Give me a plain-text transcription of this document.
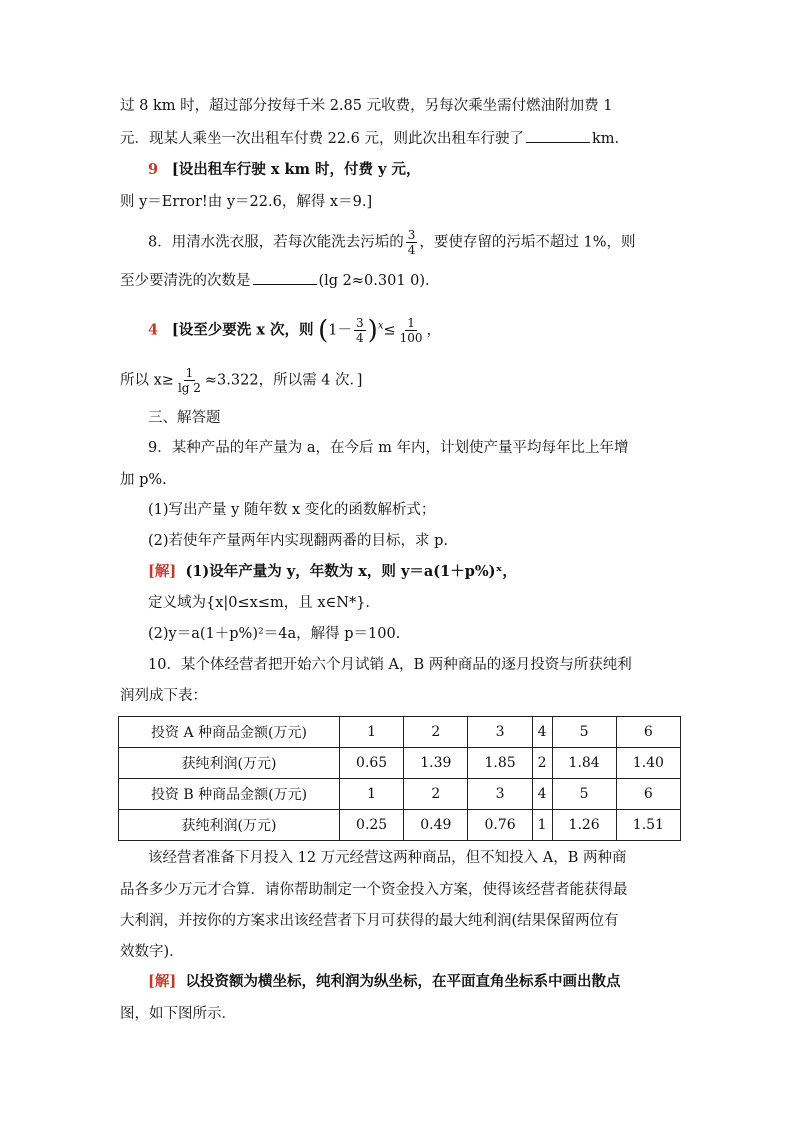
过 8 km 时，超过部分按每千米 2.85 元收费，另每次乘坐需付燃油附加费 1
元．现某人乘坐一次出租车付费 22.6 元，则此次出租车行驶了	km.
9 [设出租车行驶 x km 时，付费 y 元，
则 y＝Error!由 y＝22.6，解得 x＝9.]
8．用清水洗衣服，若每次能洗去污垢的 $\frac{3}{4}$ ，要使存留的污垢不超过 1%，则
至少要清洗的次数是	(lg 2≈0.301 0)．
4 [设至少要洗 x 次，则 $(1- \frac{3}{4} )^x\le \frac{1}{100}$ ，
所以 $x\ge \frac{1}{\lg 2} \approx 3.322$，所以需 4 次．]
三、解答题
9．某种产品的年产量为 a，在今后 m 年内，计划使产量平均每年比上年增
加 p%.
(1)写出产量 y 随年数 x 变化的函数解析式；
(2)若使年产量两年内实现翻两番的目标，求 p.
[解] (1)设年产量为 y，年数为 x，则 y＝a(1＋p%)ˣ，
定义域为{x|0≤x≤m，且 x∈N*}．
(2)y＝a(1＋p%)²＝4a，解得 p＝100.
10．某个体经营者把开始六个月试销 A，B 两种商品的逐月投资与所获纯利
润列成下表：
投资 A 种商品金额(万元)	1	2	3	4	5	6
获纯利润(万元)	0.65	1.39	1.85	2	1.84	1.40
投资 B 种商品金额(万元)	1	2	3	4	5	6
获纯利润(万元)	0.25	0.49	0.76	1	1.26	1.51
该经营者准备下月投入 12 万元经营这两种商品，但不知投入 A，B 两种商
品各多少万元才合算．请你帮助制定一个资金投入方案，使得该经营者能获得最
大利润，并按你的方案求出该经营者下月可获得的最大纯利润(结果保留两位有
效数字)．
[解] 以投资额为横坐标，纯利润为纵坐标，在平面直角坐标系中画出散点
图，如下图所示．
